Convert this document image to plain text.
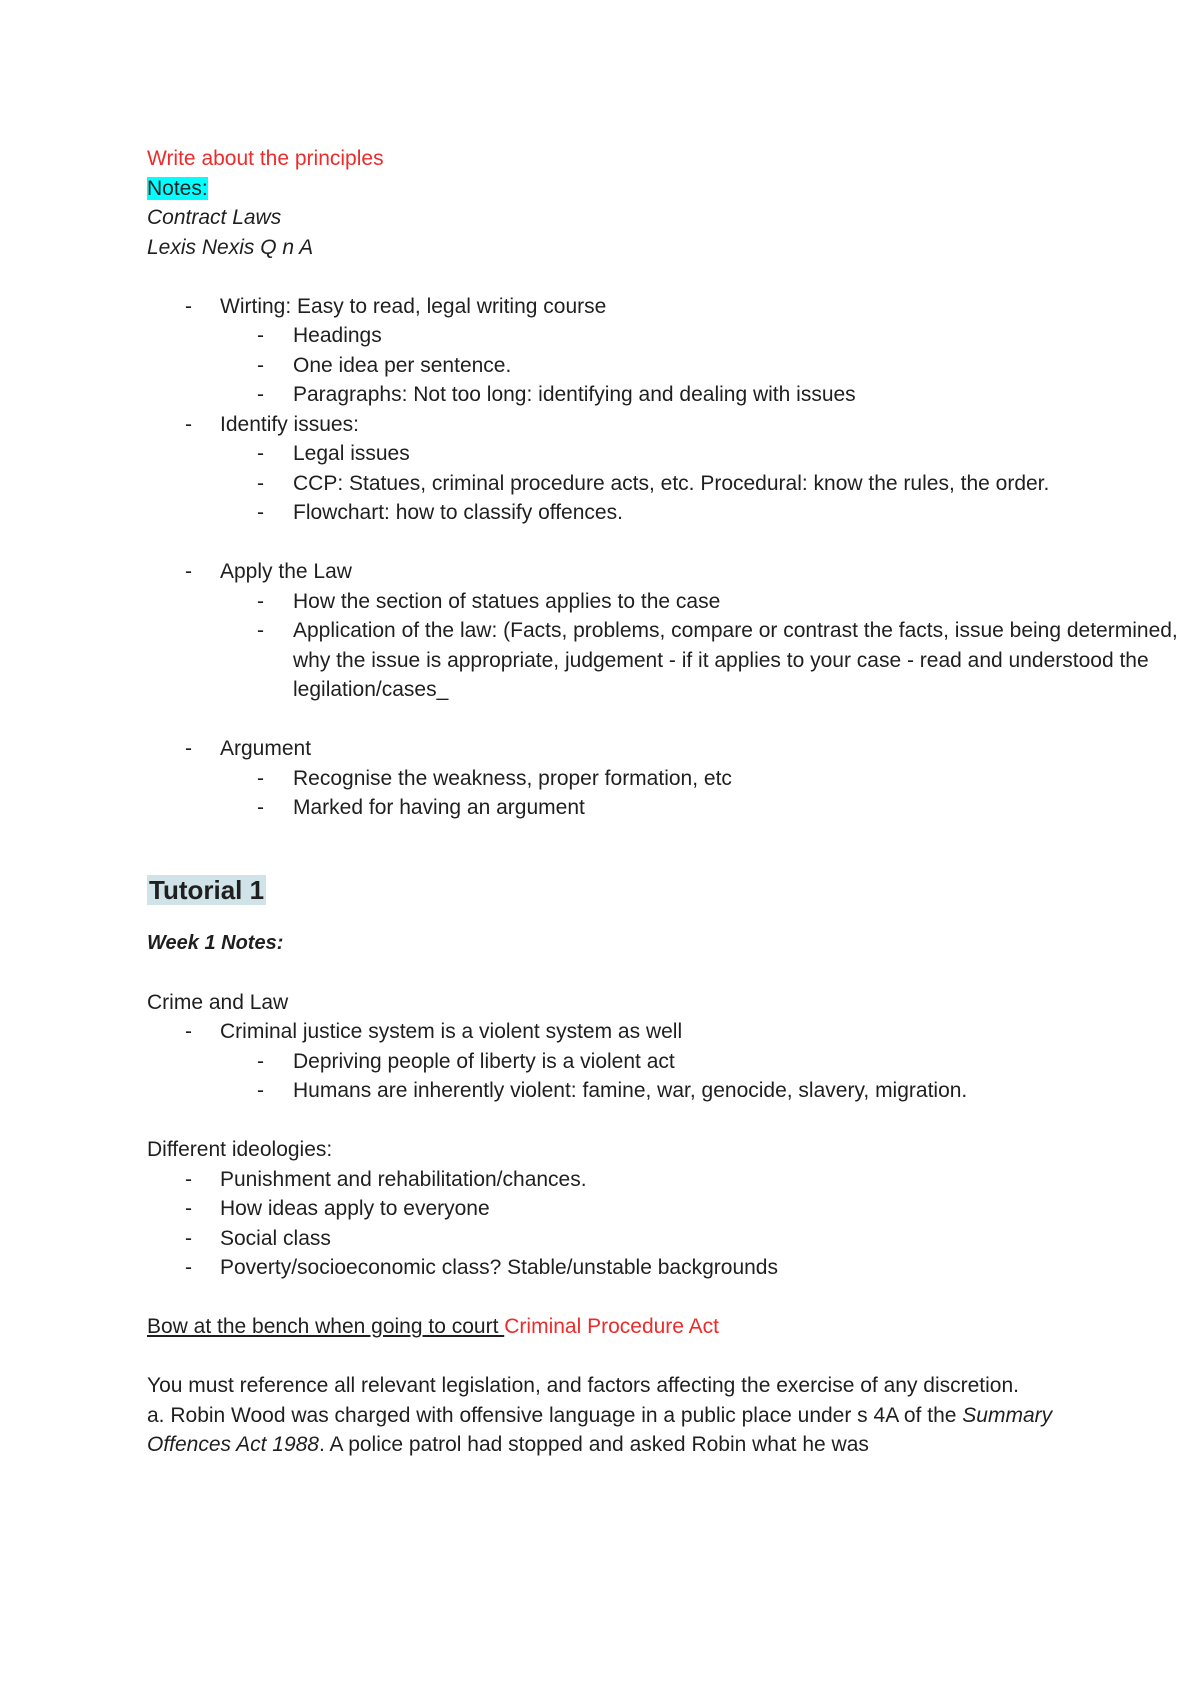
Write about the principles
Notes:
Contract Laws
Lexis Nexis Q n A
- Wirting: Easy to read, legal writing course
- Headings
- One idea per sentence.
- Paragraphs: Not too long: identifying and dealing with issues
- Identify issues:
- Legal issues
- CCP: Statues, criminal procedure acts, etc. Procedural: know the rules, the order.
- Flowchart: how to classify offences.
- Apply the Law
- How the section of statues applies to the case
- Application of the law: (Facts, problems, compare or contrast the facts, issue being determined, why the issue is appropriate, judgement - if it applies to your case - read and understood the legilation/cases_
- Argument
- Recognise the weakness, proper formation, etc
- Marked for having an argument
Tutorial 1
Week 1 Notes:
Crime and Law
- Criminal justice system is a violent system as well
- Depriving people of liberty is a violent act
- Humans are inherently violent: famine, war, genocide, slavery, migration.
Different ideologies:
- Punishment and rehabilitation/chances.
- How ideas apply to everyone
- Social class
- Poverty/socioeconomic class? Stable/unstable backgrounds
Bow at the bench when going to court Criminal Procedure Act
You must reference all relevant legislation, and factors affecting the exercise of any discretion.
a. Robin Wood was charged with offensive language in a public place under s 4A of the Summary Offences Act 1988. A police patrol had stopped and asked Robin what he was
